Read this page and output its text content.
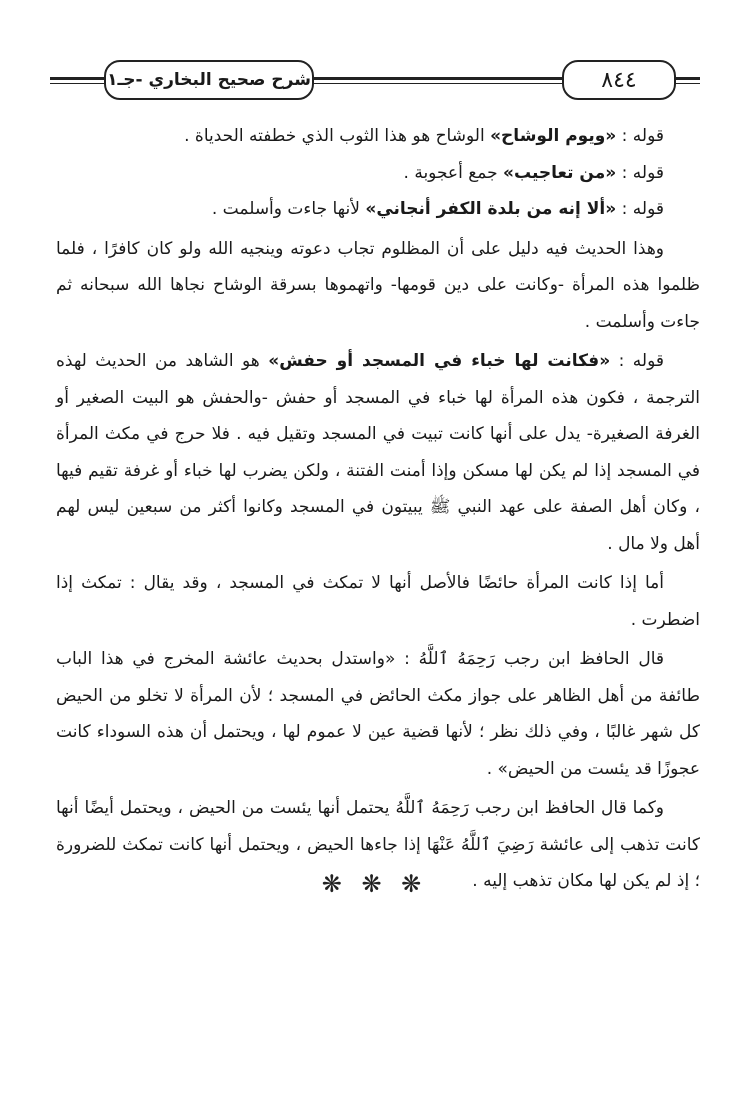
شرح صحيح البخاري -جـ١	٨٤٤

قوله : «ويوم الوشاح» الوشاح هو هذا الثوب الذي خطفته الحدياة .

قوله : «من تعاجيب» جمع أعجوبة .

قوله : «ألا إنه من بلدة الكفر أنجاني» لأنها جاءت وأسلمت .

وهذا الحديث فيه دليل على أن المظلوم تجاب دعوته وينجيه الله ولو كان كافرًا ، فلما ظلموا هذه المرأة -وكانت على دين قومها- واتهموها بسرقة الوشاح نجاها الله سبحانه ثم جاءت وأسلمت .

قوله : «فكانت لها خباء في المسجد أو حفش» هو الشاهد من الحديث لهذه الترجمة ، فكون هذه المرأة لها خباء في المسجد أو حفش -والحفش هو البيت الصغير أو الغرفة الصغيرة- يدل على أنها كانت تبيت في المسجد وتقيل فيه . فلا حرج في مكث المرأة في المسجد إذا لم يكن لها مسكن وإذا أمنت الفتنة ، ولكن يضرب لها خباء أو غرفة تقيم فيها ، وكان أهل الصفة على عهد النبي ﷺ يبيتون في المسجد وكانوا أكثر من سبعين ليس لهم أهل ولا مال .

أما إذا كانت المرأة حائضًا فالأصل أنها لا تمكث في المسجد ، وقد يقال : تمكث إذا اضطرت .

قال الحافظ ابن رجب رَحِمَهُ ٱللَّهُ : «واستدل بحديث عائشة المخرج في هذا الباب طائفة من أهل الظاهر على جواز مكث الحائض في المسجد ؛ لأن المرأة لا تخلو من الحيض كل شهر غالبًا ، وفي ذلك نظر ؛ لأنها قضية عين لا عموم لها ، ويحتمل أن هذه السوداء كانت عجوزًا قد يئست من الحيض» .

وكما قال الحافظ ابن رجب رَحِمَهُ ٱللَّهُ يحتمل أنها يئست من الحيض ، ويحتمل أيضًا أنها كانت تذهب إلى عائشة رَضِيَ ٱللَّهُ عَنْهَا إذا جاءها الحيض ، ويحتمل أنها كانت تمكث للضرورة ؛ إذ لم يكن لها مكان تذهب إليه .

❋ ❋ ❋
